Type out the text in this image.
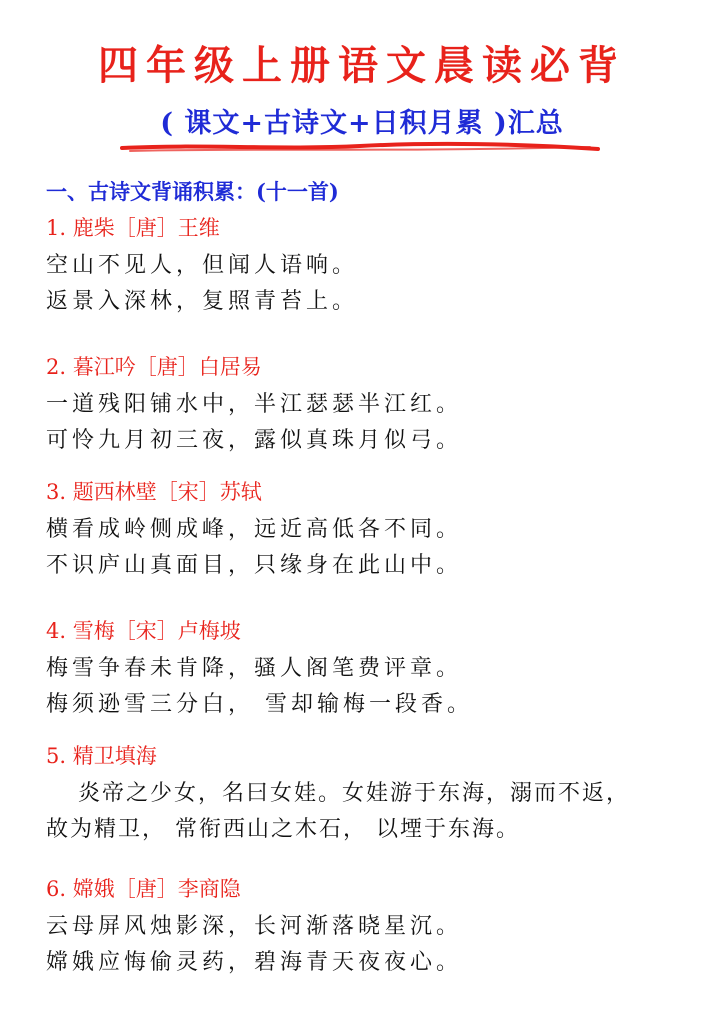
四年级上册语文晨读必背
( 课文+古诗文+日积月累 )汇总
一、古诗文背诵积累：(十一首)

1. 鹿柴［唐］王维

空山不见人，但闻人语响。

返景入深林，复照青苔上。

2. 暮江吟［唐］白居易

一道残阳铺水中，半江瑟瑟半江红。

可怜九月初三夜，露似真珠月似弓。

3. 题西林壁［宋］苏轼

横看成岭侧成峰，远近高低各不同。

不识庐山真面目，只缘身在此山中。

4. 雪梅［宋］卢梅坡

梅雪争春未肯降，骚人阁笔费评章。

梅须逊雪三分白， 雪却输梅一段香。

5. 精卫填海

炎帝之少女，名曰女娃。女娃游于东海，溺而不返，

故为精卫， 常衔西山之木石， 以堙于东海。

6. 嫦娥［唐］李商隐

云母屏风烛影深，长河渐落晓星沉。

嫦娥应悔偷灵药，碧海青天夜夜心。
